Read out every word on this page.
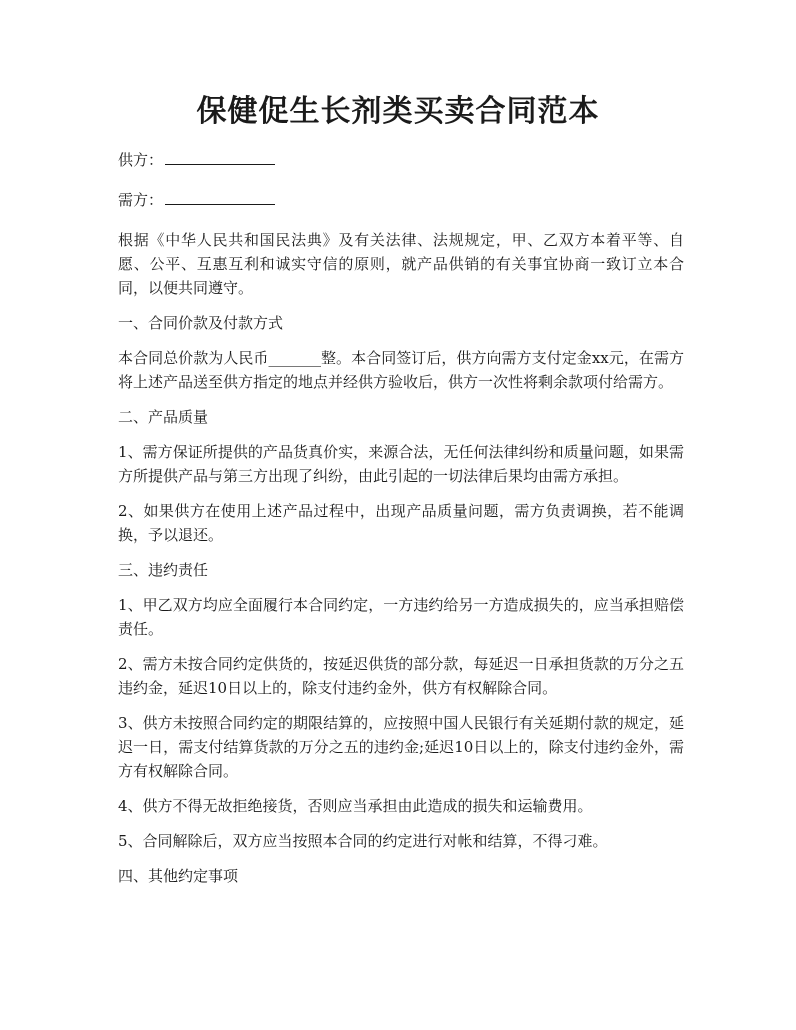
保健促生长剂类买卖合同范本

供方：

需方：

根据《中华人民共和国民法典》及有关法律、法规规定，甲、乙双方本着平等、自愿、公平、互惠互利和诚实守信的原则，就产品供销的有关事宜协商一致订立本合同，以便共同遵守。

一、合同价款及付款方式

本合同总价款为人民币_______整。本合同签订后，供方向需方支付定金xx元，在需方将上述产品送至供方指定的地点并经供方验收后，供方一次性将剩余款项付给需方。

二、产品质量

1、需方保证所提供的产品货真价实，来源合法，无任何法律纠纷和质量问题，如果需方所提供产品与第三方出现了纠纷，由此引起的一切法律后果均由需方承担。

2、如果供方在使用上述产品过程中，出现产品质量问题，需方负责调换，若不能调换，予以退还。

三、违约责任

1、甲乙双方均应全面履行本合同约定，一方违约给另一方造成损失的，应当承担赔偿责任。

2、需方未按合同约定供货的，按延迟供货的部分款，每延迟一日承担货款的万分之五违约金，延迟10日以上的，除支付违约金外，供方有权解除合同。

3、供方未按照合同约定的期限结算的，应按照中国人民银行有关延期付款的规定，延迟一日，需支付结算货款的万分之五的违约金;延迟10日以上的，除支付违约金外，需方有权解除合同。

4、供方不得无故拒绝接货，否则应当承担由此造成的损失和运输费用。

5、合同解除后，双方应当按照本合同的约定进行对帐和结算，不得刁难。

四、其他约定事项
